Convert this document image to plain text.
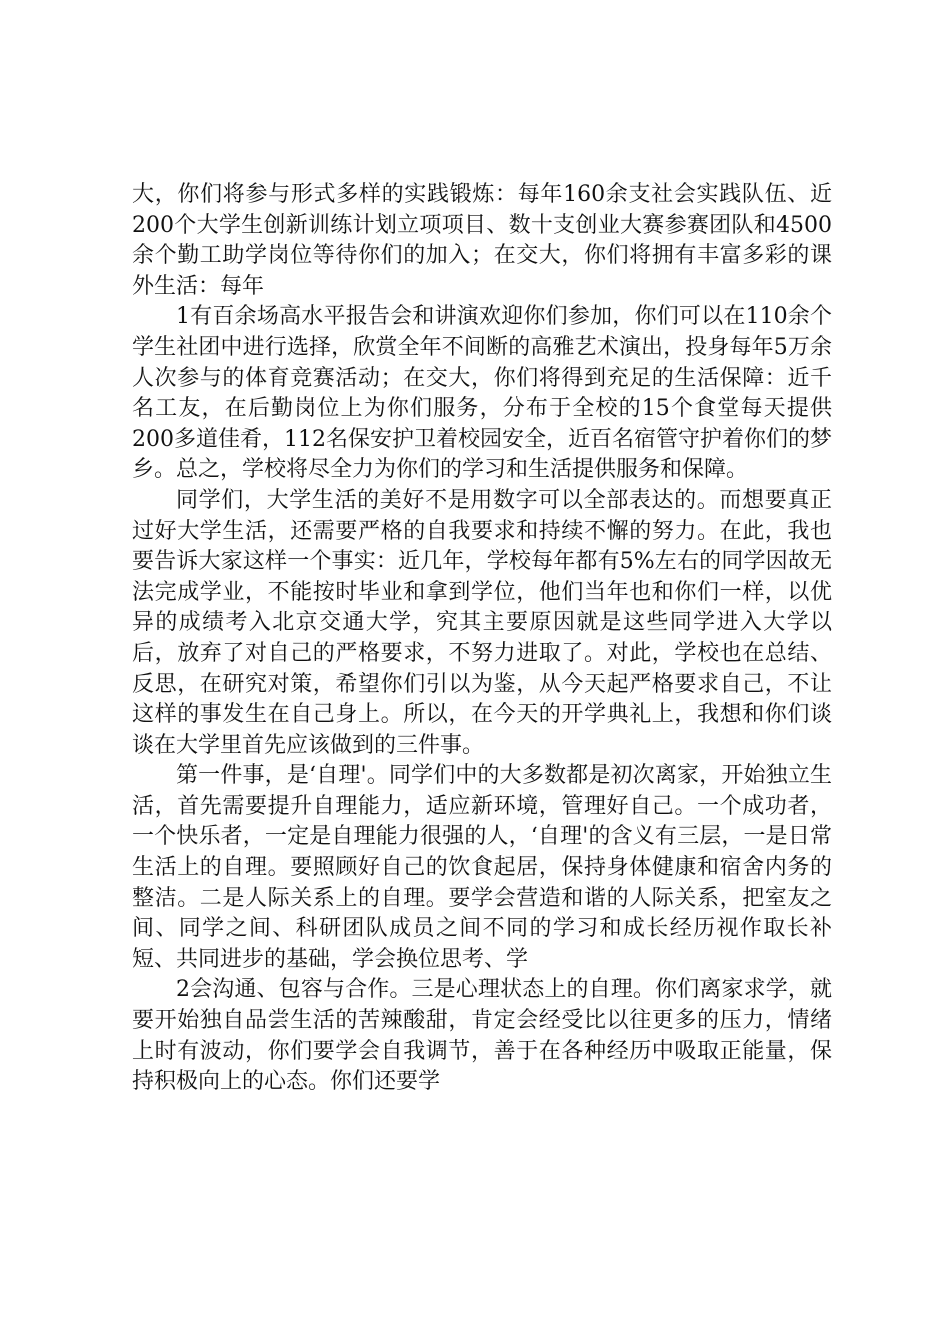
大，你们将参与形式多样的实践锻炼：每年160余支社会实践队伍、近200个大学生创新训练计划立项项目、数十支创业大赛参赛团队和4500余个勤工助学岗位等待你们的加入；在交大，你们将拥有丰富多彩的课外生活：每年

1有百余场高水平报告会和讲演欢迎你们参加，你们可以在110余个学生社团中进行选择，欣赏全年不间断的高雅艺术演出，投身每年5万余人次参与的体育竞赛活动；在交大，你们将得到充足的生活保障：近千名工友，在后勤岗位上为你们服务，分布于全校的15个食堂每天提供200多道佳肴，112名保安护卫着校园安全，近百名宿管守护着你们的梦乡。总之，学校将尽全力为你们的学习和生活提供服务和保障。

同学们，大学生活的美好不是用数字可以全部表达的。而想要真正过好大学生活，还需要严格的自我要求和持续不懈的努力。在此，我也要告诉大家这样一个事实：近几年，学校每年都有5%左右的同学因故无法完成学业，不能按时毕业和拿到学位，他们当年也和你们一样，以优异的成绩考入北京交通大学，究其主要原因就是这些同学进入大学以后，放弃了对自己的严格要求，不努力进取了。对此，学校也在总结、反思，在研究对策，希望你们引以为鉴，从今天起严格要求自己，不让这样的事发生在自己身上。所以，在今天的开学典礼上，我想和你们谈谈在大学里首先应该做到的三件事。

第一件事，是‘自理'。同学们中的大多数都是初次离家，开始独立生活，首先需要提升自理能力，适应新环境，管理好自己。一个成功者，一个快乐者，一定是自理能力很强的人，‘自理'的含义有三层，一是日常生活上的自理。要照顾好自己的饮食起居，保持身体健康和宿舍内务的整洁。二是人际关系上的自理。要学会营造和谐的人际关系，把室友之间、同学之间、科研团队成员之间不同的学习和成长经历视作取长补短、共同进步的基础，学会换位思考、学

2会沟通、包容与合作。三是心理状态上的自理。你们离家求学，就要开始独自品尝生活的苦辣酸甜，肯定会经受比以往更多的压力，情绪上时有波动，你们要学会自我调节，善于在各种经历中吸取正能量，保持积极向上的心态。你们还要学
